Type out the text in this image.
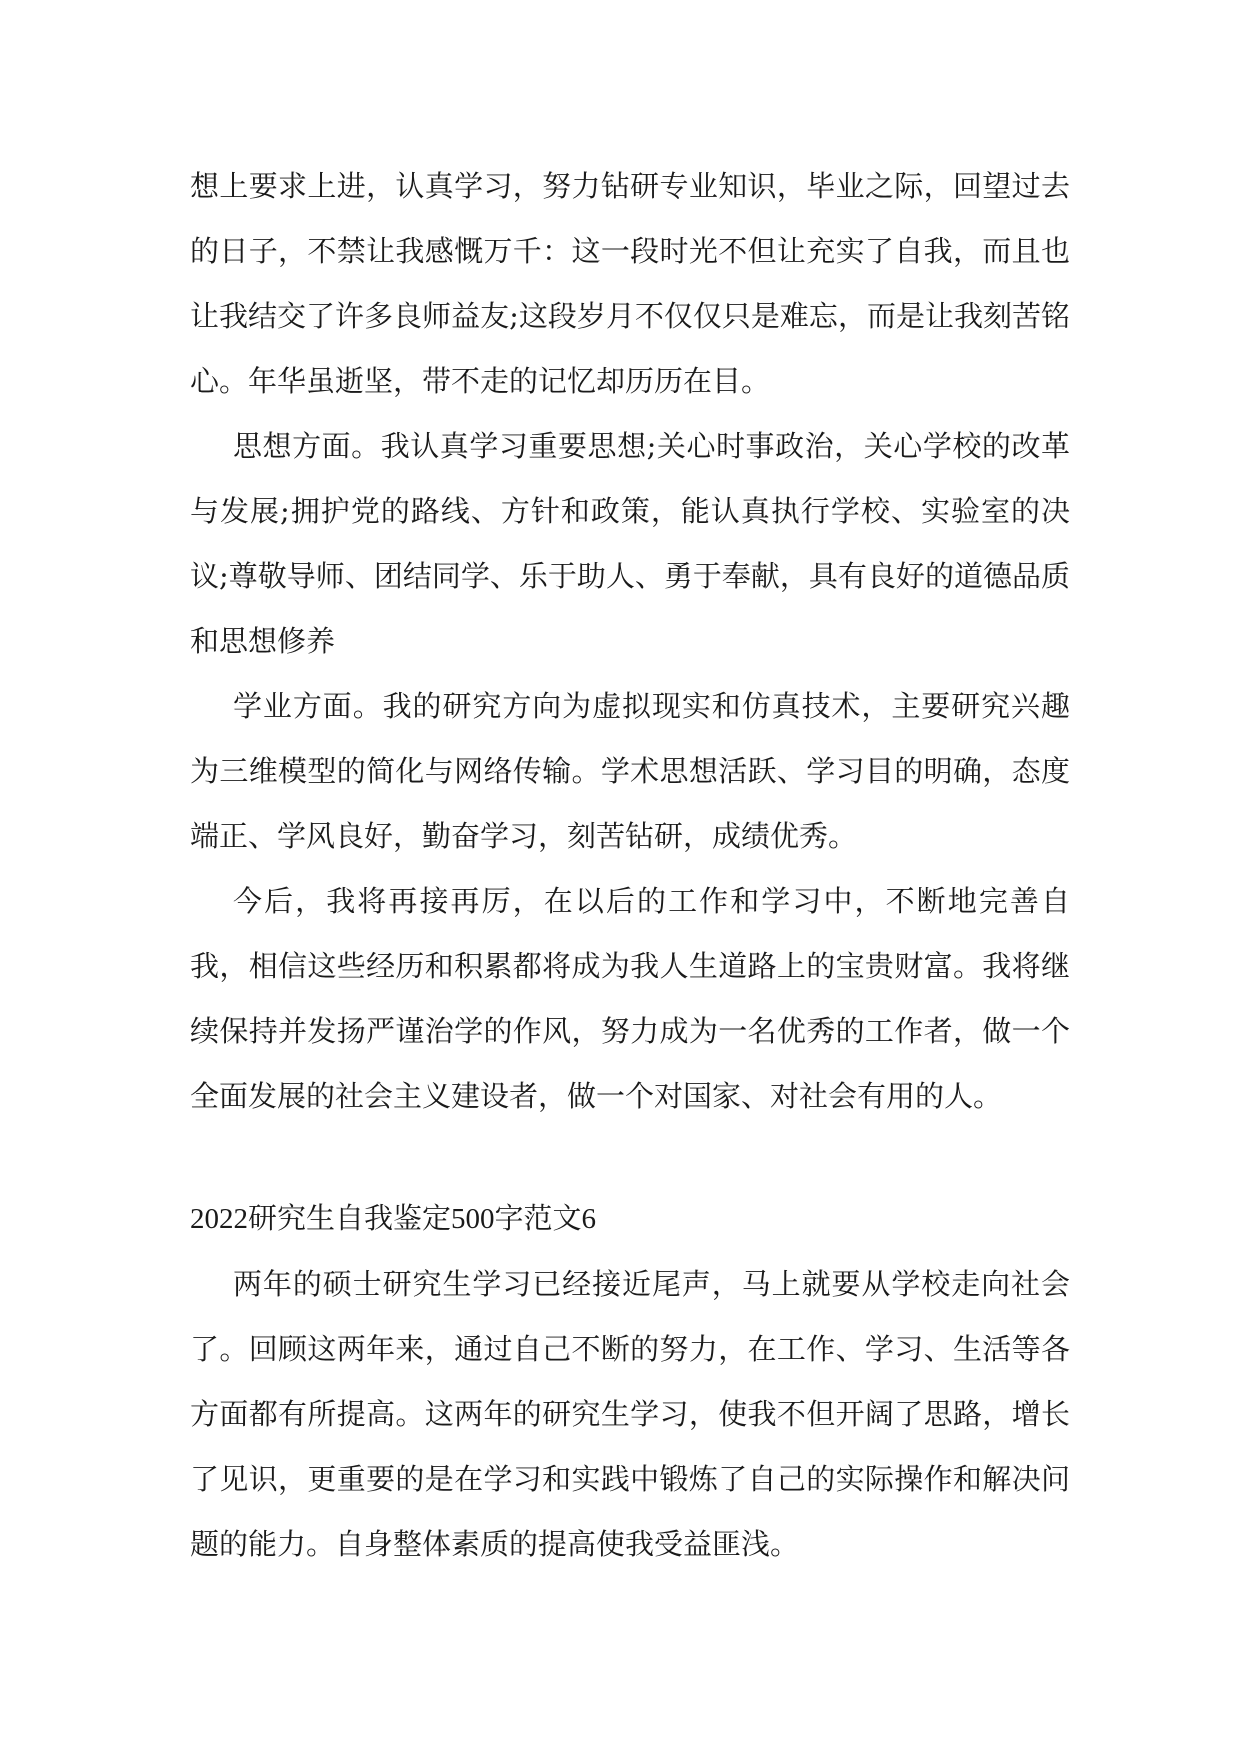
想上要求上进，认真学习，努力钻研专业知识，毕业之际，回望过去的日子，不禁让我感慨万千：这一段时光不但让充实了自我，而且也让我结交了许多良师益友;这段岁月不仅仅只是难忘，而是让我刻苦铭心。年华虽逝坚，带不走的记忆却历历在目。

思想方面。我认真学习重要思想;关心时事政治，关心学校的改革与发展;拥护党的路线、方针和政策，能认真执行学校、实验室的决议;尊敬导师、团结同学、乐于助人、勇于奉献，具有良好的道德品质和思想修养

学业方面。我的研究方向为虚拟现实和仿真技术，主要研究兴趣为三维模型的简化与网络传输。学术思想活跃、学习目的明确，态度端正、学风良好，勤奋学习，刻苦钻研，成绩优秀。

今后，我将再接再厉，在以后的工作和学习中，不断地完善自我，相信这些经历和积累都将成为我人生道路上的宝贵财富。我将继续保持并发扬严谨治学的作风，努力成为一名优秀的工作者，做一个全面发展的社会主义建设者，做一个对国家、对社会有用的人。

2022研究生自我鉴定500字范文6

两年的硕士研究生学习已经接近尾声，马上就要从学校走向社会了。回顾这两年来，通过自己不断的努力，在工作、学习、生活等各方面都有所提高。这两年的研究生学习，使我不但开阔了思路，增长了见识，更重要的是在学习和实践中锻炼了自己的实际操作和解决问题的能力。自身整体素质的提高使我受益匪浅。
